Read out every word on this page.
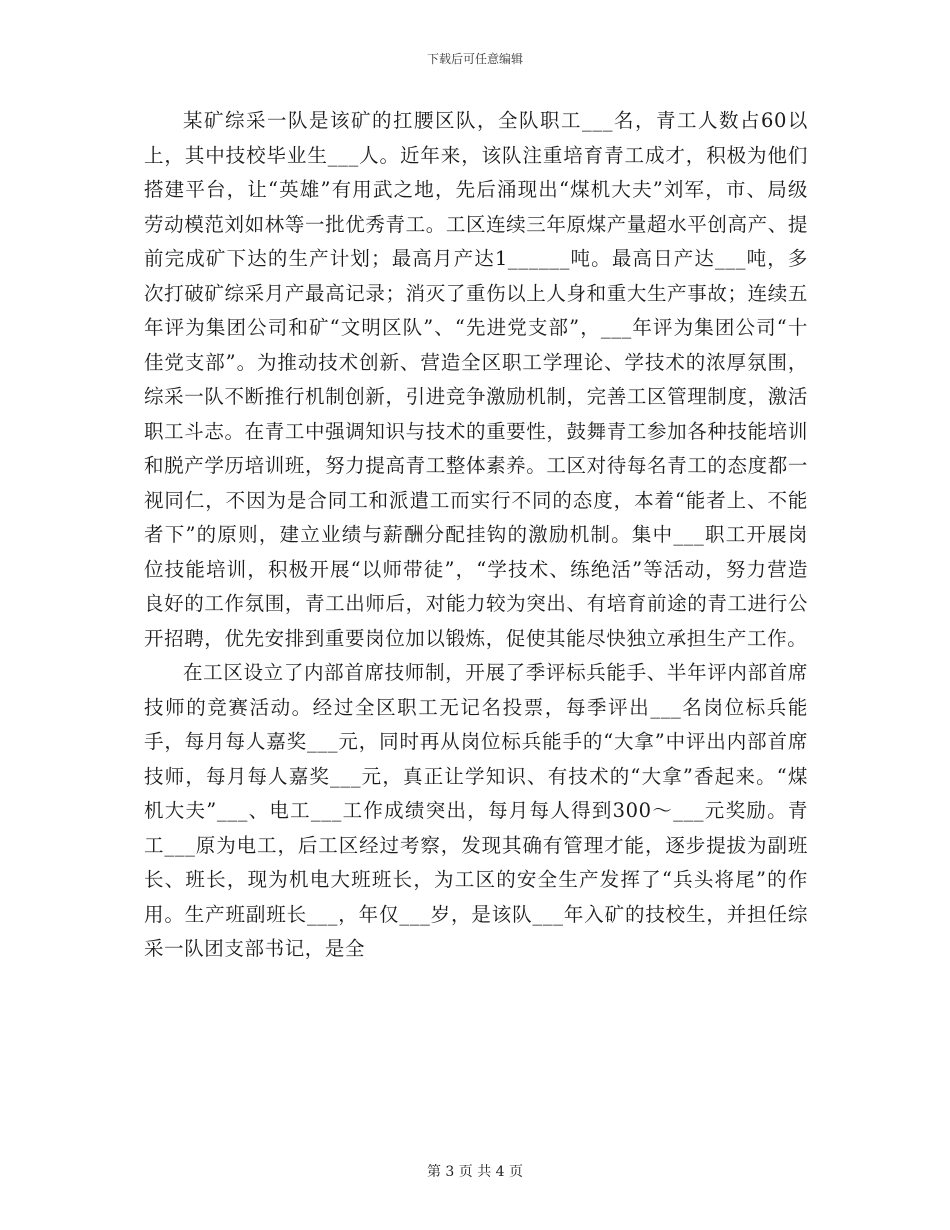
下载后可任意编辑

某矿综采一队是该矿的扛腰区队，全队职工___名，青工人数占60以上，其中技校毕业生___人。近年来，该队注重培育青工成才，积极为他们搭建平台，让“英雄”有用武之地，先后涌现出“煤机大夫”刘军，市、局级劳动模范刘如林等一批优秀青工。工区连续三年原煤产量超水平创高产、提前完成矿下达的生产计划；最高月产达1______吨。最高日产达___吨，多次打破矿综采月产最高记录；消灭了重伤以上人身和重大生产事故；连续五年评为集团公司和矿“文明区队”、“先进党支部”，___年评为集团公司“十佳党支部”。为推动技术创新、营造全区职工学理论、学技术的浓厚氛围，综采一队不断推行机制创新，引进竞争激励机制，完善工区管理制度，激活职工斗志。在青工中强调知识与技术的重要性，鼓舞青工参加各种技能培训和脱产学历培训班，努力提高青工整体素养。工区对待每名青工的态度都一视同仁，不因为是合同工和派遣工而实行不同的态度，本着“能者上、不能者下”的原则，建立业绩与薪酬分配挂钩的激励机制。集中___职工开展岗位技能培训，积极开展“以师带徒”，“学技术、练绝活”等活动，努力营造良好的工作氛围，青工出师后，对能力较为突出、有培育前途的青工进行公开招聘，优先安排到重要岗位加以锻炼，促使其能尽快独立承担生产工作。

在工区设立了内部首席技师制，开展了季评标兵能手、半年评内部首席技师的竞赛活动。经过全区职工无记名投票，每季评出___名岗位标兵能手，每月每人嘉奖___元，同时再从岗位标兵能手的“大拿”中评出内部首席技师，每月每人嘉奖___元，真正让学知识、有技术的“大拿”香起来。“煤机大夫”___、电工___工作成绩突出，每月每人得到300～___元奖励。青工___原为电工，后工区经过考察，发现其确有管理才能，逐步提拔为副班长、班长，现为机电大班班长，为工区的安全生产发挥了“兵头将尾”的作用。生产班副班长___，年仅___岁，是该队___年入矿的技校生，并担任综采一队团支部书记，是全

第 3 页 共 4 页
